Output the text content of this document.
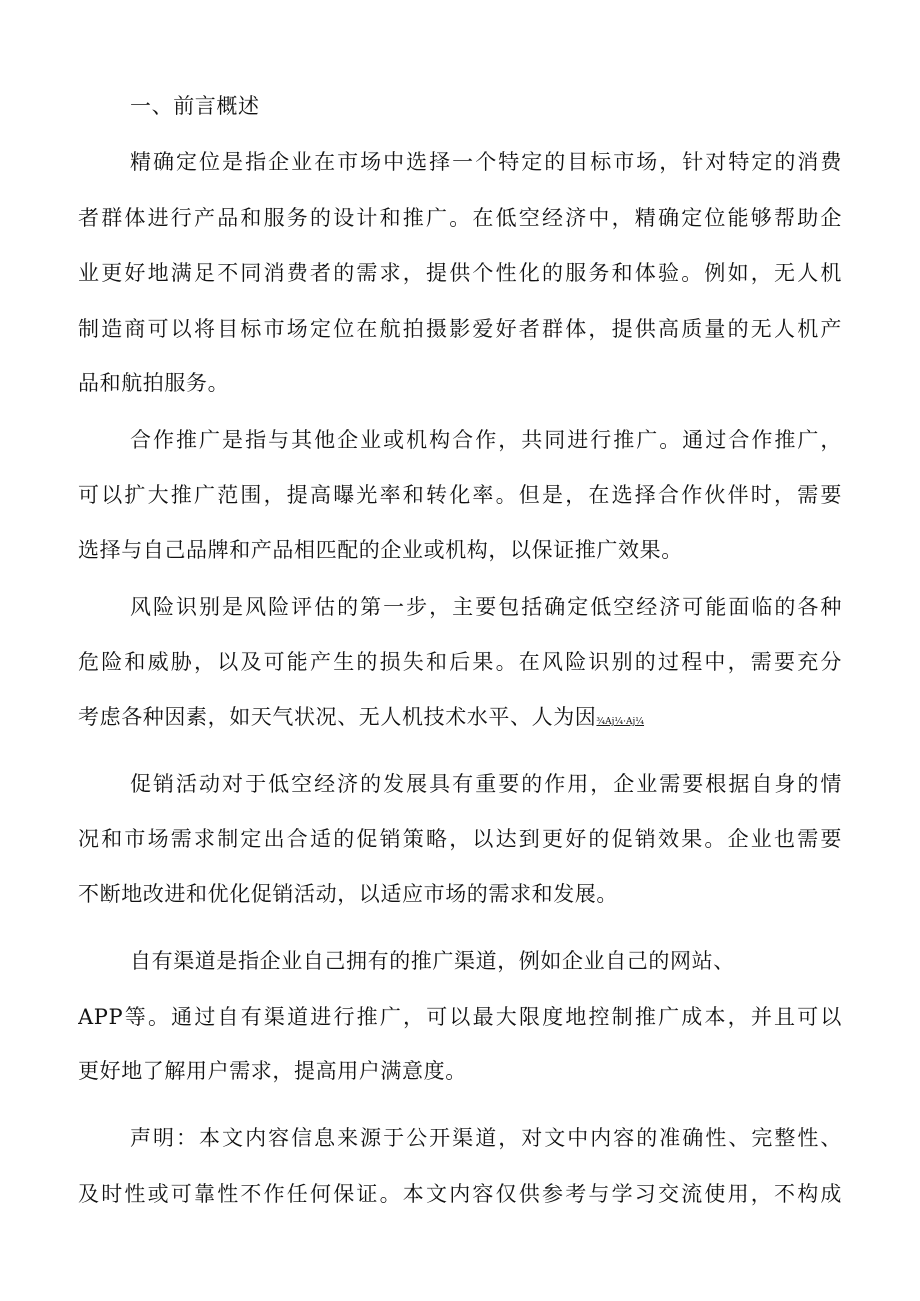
一、前言概述
精确定位是指企业在市场中选择一个特定的目标市场，针对特定的消费
者群体进行产品和服务的设计和推广。在低空经济中，精确定位能够帮助企
业更好地满足不同消费者的需求，提供个性化的服务和体验。例如，无人机
制造商可以将目标市场定位在航拍摄影爱好者群体，提供高质量的无人机产
品和航拍服务。
合作推广是指与其他企业或机构合作，共同进行推广。通过合作推广，
可以扩大推广范围，提高曝光率和转化率。但是，在选择合作伙伴时，需要
选择与自己品牌和产品相匹配的企业或机构，以保证推广效果。
风险识别是风险评估的第一步，主要包括确定低空经济可能面临的各种
危险和威胁，以及可能产生的损失和后果。在风险识别的过程中，需要充分
考虑各种因素，如天气状况、无人机技术水平、人为因¾Aj¼·Aj¼
促销活动对于低空经济的发展具有重要的作用，企业需要根据自身的情
况和市场需求制定出合适的促销策略，以达到更好的促销效果。企业也需要
不断地改进和优化促销活动，以适应市场的需求和发展。
自有渠道是指企业自己拥有的推广渠道，例如企业自己的网站、
APP等。通过自有渠道进行推广，可以最大限度地控制推广成本，并且可以
更好地了解用户需求，提高用户满意度。
声明：本文内容信息来源于公开渠道，对文中内容的准确性、完整性、
及时性或可靠性不作任何保证。本文内容仅供参考与学习交流使用，不构成
